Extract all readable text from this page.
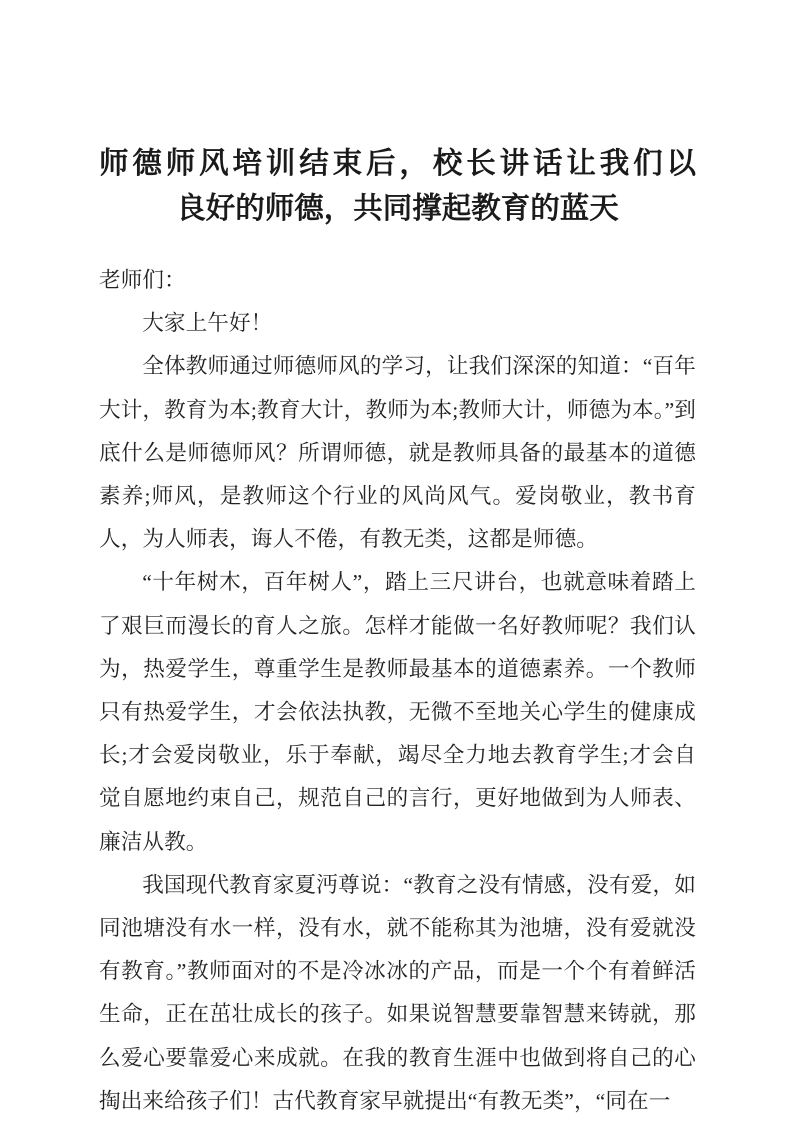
师德师风培训结束后，校长讲话让我们以
良好的师德，共同撑起教育的蓝天

老师们：

大家上午好！

全体教师通过师德师风的学习，让我们深深的知道：“百年大计，教育为本;教育大计，教师为本;教师大计，师德为本。”到底什么是师德师风？所谓师德，就是教师具备的最基本的道德素养;师风，是教师这个行业的风尚风气。爱岗敬业，教书育人，为人师表，诲人不倦，有教无类，这都是师德。

“十年树木，百年树人”，踏上三尺讲台，也就意味着踏上了艰巨而漫长的育人之旅。怎样才能做一名好教师呢？我们认为，热爱学生，尊重学生是教师最基本的道德素养。一个教师只有热爱学生，才会依法执教，无微不至地关心学生的健康成长;才会爱岗敬业，乐于奉献，竭尽全力地去教育学生;才会自觉自愿地约束自己，规范自己的言行，更好地做到为人师表、廉洁从教。

我国现代教育家夏沔尊说：“教育之没有情感，没有爱，如同池塘没有水一样，没有水，就不能称其为池塘，没有爱就没有教育。”教师面对的不是冷冰冰的产品，而是一个个有着鲜活生命，正在茁壮成长的孩子。如果说智慧要靠智慧来铸就，那么爱心要靠爱心来成就。在我的教育生涯中也做到将自己的心掏出来给孩子们！古代教育家早就提出“有教无类”，“同在一
